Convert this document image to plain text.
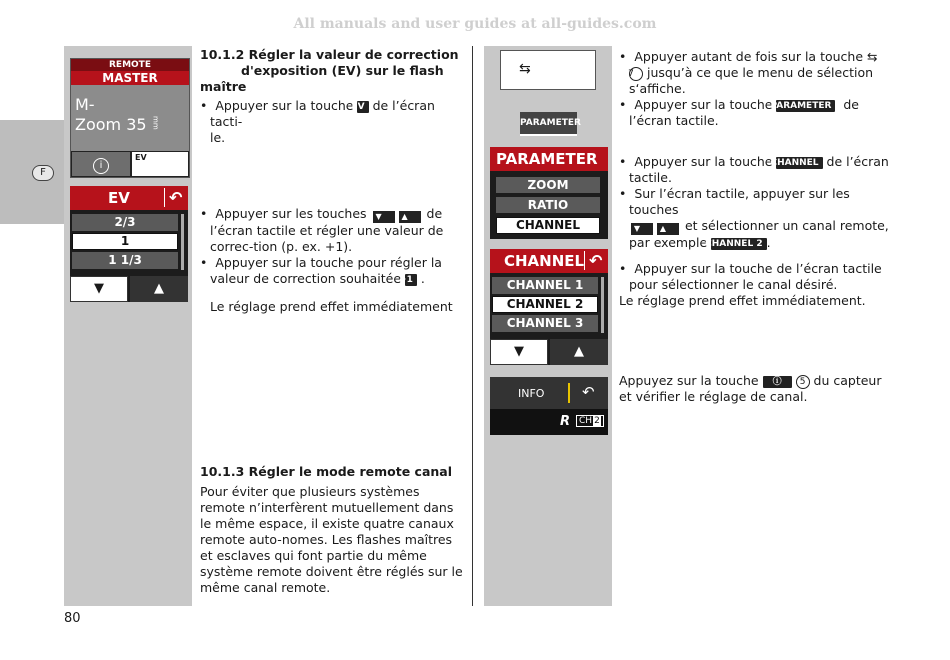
All manuals and user guides at all-guides.com
F
REMOTE
MASTER
M-
Zoom 35 mm
i
EV
EV	↶
2/3
1
1 1/3
▼	▲
10.1.2 Régler la valeur de correction
d'exposition (EV) sur le flash maître

•  Appuyer sur la touche EV de l’écran tacti-
le.

•  Appuyer sur les touches ▼ ▲ de l’écran tactile et régler une valeur de correc-tion (p. ex. +1).

•  Appuyer sur la touche pour régler la valeur de correction souhaitée +1 .

Le réglage prend effet immédiatement

10.1.3 Régler le mode remote canal

Pour éviter que plusieurs systèmes remote n’interfèrent mutuellement dans le même espace, il existe quatre canaux remote auto-nomes. Les flashes maîtres et esclaves qui font partie du même système remote doivent être réglés sur le même canal remote.

⇆
PARAMETER
PARAMETER
ZOOM
RATIO
CHANNEL
CHANNEL ↶
CHANNEL 1
CHANNEL 2
CHANNEL 3
▼	▲
INFO	↶
R CH 2

•  Appuyer autant de fois sur la touche ⇆ 7 jusqu’à ce que le menu de sélection s‘affiche.

•  Appuyer sur la touche PARAMETER de l’écran tactile.

•  Appuyer sur la touche CHANNEL de l’écran tactile.

•  Sur l’écran tactile, appuyer sur les touches
▼ ▲ et sélectionner un canal remote, par exemple CHANNEL 2 .

•  Appuyer sur la touche de l’écran tactile pour sélectionner le canal désiré.

Le réglage prend effet immédiatement.

Appuyez sur la touche ⓘ 5 du capteur et vérifier le réglage de canal.

80
